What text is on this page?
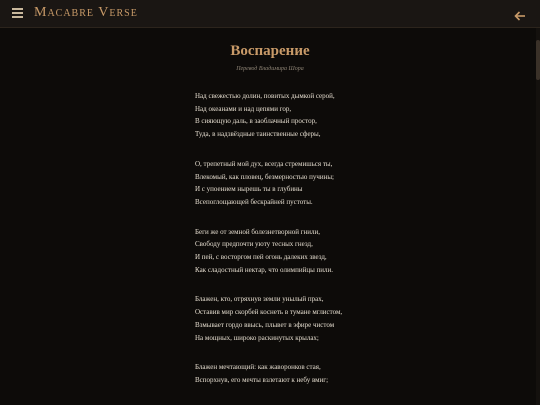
Macabre Verse
Воспарение
Перевод Владимира Шора
Над свежестью долин, повитых дымкой серой,
Над океанами и над цепями гор,
В сияющую даль, в заоблачный простор,
Туда, в надзвёздные таинственные сферы,
О, трепетный мой дух, всегда стремишься ты,
Влекомый, как пловец, безмерностью пучины;
И с упоением нырешь ты в глубины
Всепоглощающей бескрайней пустоты.
Беги же от земной болезнетворной гнили,
Свободу предпочти уюту тесных гнезд,
И пей, с восторгом пей огонь далеких звезд,
Как сладостный нектар, что олимпийцы пили.
Блажен, кто, отряхнув земли унылый прах,
Оставив мир скорбей коснеть в тумане мглистом,
Взмывает гордо ввысь, плывет в эфире чистом
На мощных, широко раскинутых крылах;
Блажен мечтающий: как жаворонков стая,
Вспорхнув, его мечты взлетают к небу вмиг;
